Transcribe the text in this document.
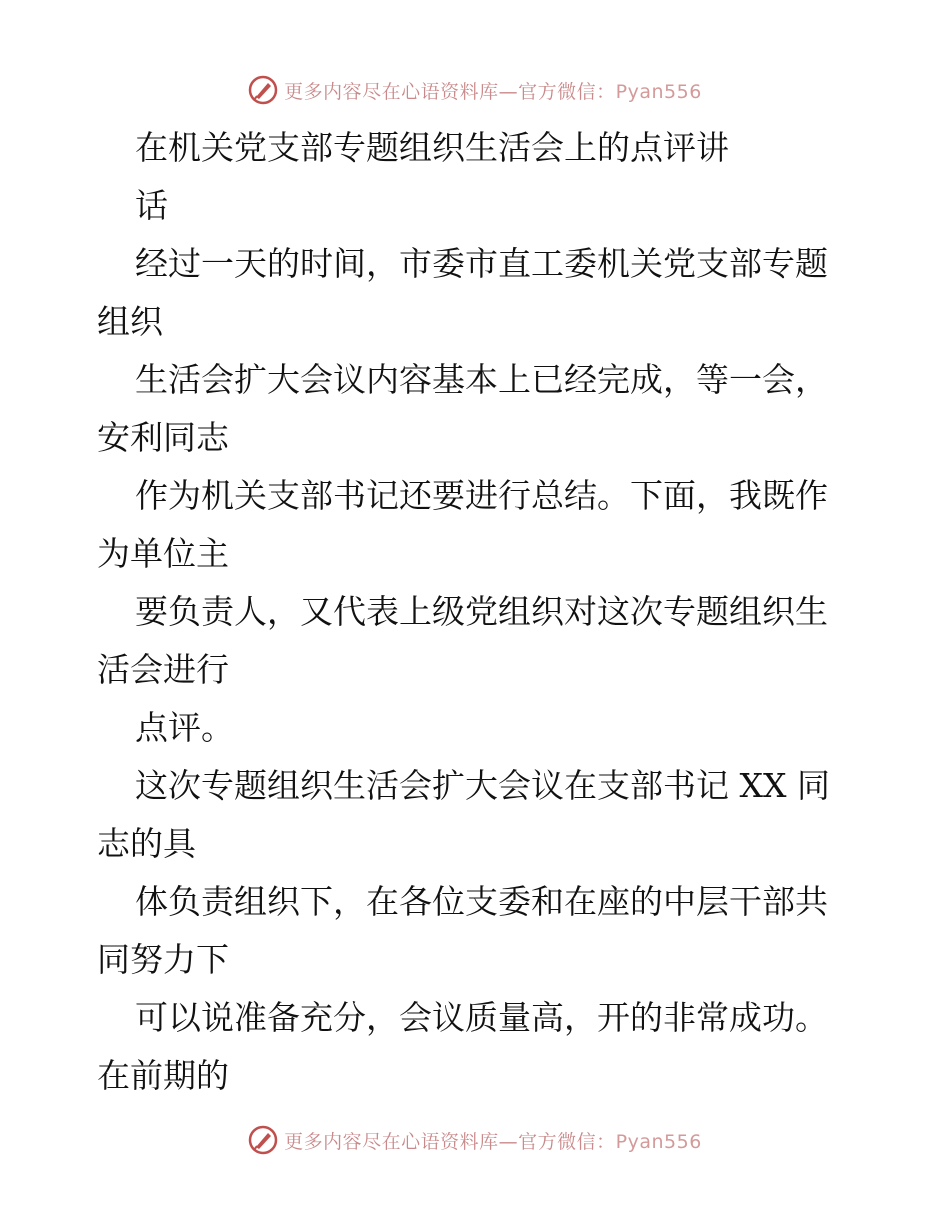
更多内容尽在心语资料库—官方微信：Pyan556
在机关党支部专题组织生活会上的点评讲
话
经过一天的时间，市委市直工委机关党支部专题
组织
生活会扩大会议内容基本上已经完成，等一会，
安利同志
作为机关支部书记还要进行总结。下面，我既作
为单位主
要负责人，又代表上级党组织对这次专题组织生
活会进行
点评。
这次专题组织生活会扩大会议在支部书记 XX 同
志的具
体负责组织下，在各位支委和在座的中层干部共
同努力下
可以说准备充分，会议质量高，开的非常成功。
在前期的
更多内容尽在心语资料库—官方微信：Pyan556
